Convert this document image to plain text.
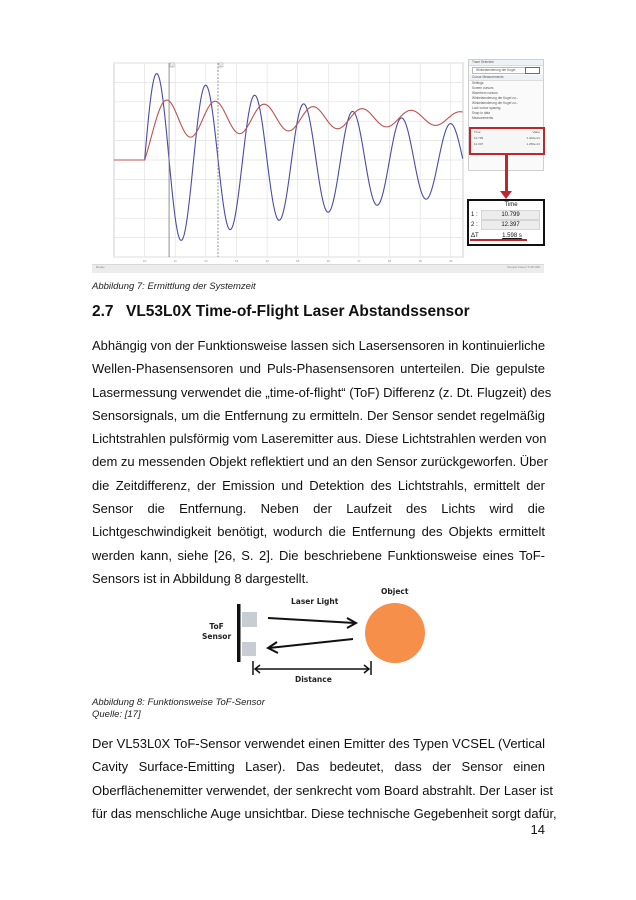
10	11	12	13	14	15	16	17	18	19	20
1	2
Trace Selection
Winkelaenderung der Kugel
Cursor Measurements
Settings
Screen cursors
Waveform cursors
Winkelaenderung der Kugel zu...
Winkelaenderung der Kugel zu...
Lock cursor spacing
Snap to data
Measurements
Time	Value
10.799	1.402e-01
12.397	1.256e-01
Time
1 :	10.799
2 :	12.397
ΔT	1.598 s
Ready	Sample based T=20.000
Abbildung 7: Ermittlung der Systemzeit
2.7 VL53L0X Time-of-Flight Laser Abstandssensor
Abhängig von der Funktionsweise lassen sich Lasersensoren in kontinuierliche
Wellen-Phasensensoren und Puls-Phasensensoren unterteilen. Die gepulste
Lasermessung verwendet die „time-of-flight“ (ToF) Differenz (z. Dt. Flugzeit) des
Sensorsignals, um die Entfernung zu ermitteln. Der Sensor sendet regelmäßig
Lichtstrahlen pulsförmig vom Laseremitter aus. Diese Lichtstrahlen werden von
dem zu messenden Objekt reflektiert und an den Sensor zurückgeworfen. Über
die Zeitdifferenz, der Emission und Detektion des Lichtstrahls, ermittelt der
Sensor die Entfernung. Neben der Laufzeit des Lichts wird die
Lichtgeschwindigkeit benötigt, wodurch die Entfernung des Objekts ermittelt
werden kann, siehe [26, S. 2]. Die beschriebene Funktionsweise eines ToF-
Sensors ist in Abbildung 8 dargestellt.
ToF
Sensor
Laser Light
Object
Distance
Abbildung 8: Funktionsweise ToF-Sensor
Quelle: [17]
Der VL53L0X ToF-Sensor verwendet einen Emitter des Typen VCSEL (Vertical
Cavity Surface-Emitting Laser). Das bedeutet, dass der Sensor einen
Oberflächenemitter verwendet, der senkrecht vom Board abstrahlt. Der Laser ist
für das menschliche Auge unsichtbar. Diese technische Gegebenheit sorgt dafür,
14
